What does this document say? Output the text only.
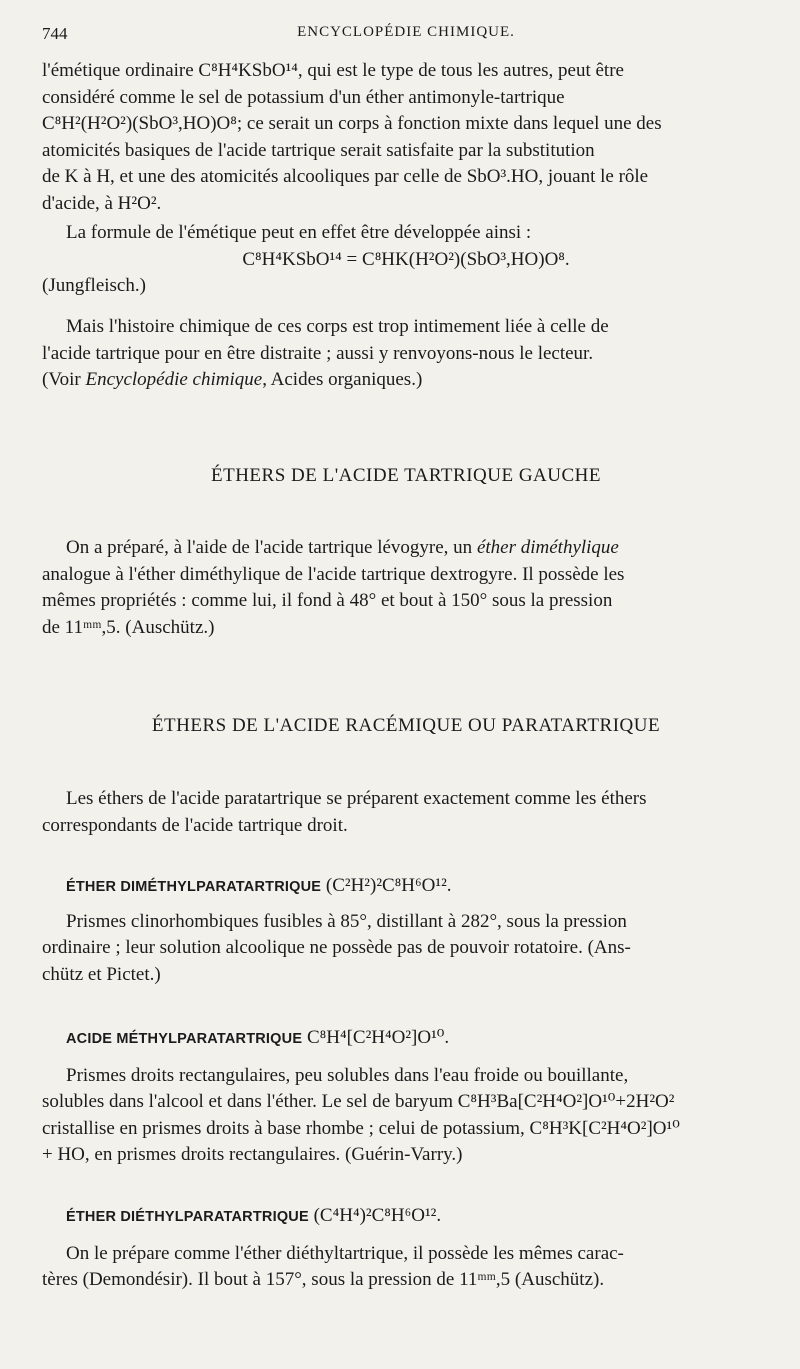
744	ENCYCLOPÉDIE CHIMIQUE.
l'émétique ordinaire C⁸H⁴KSbO¹⁴, qui est le type de tous les autres, peut être
considéré comme le sel de potassium d'un éther antimonyle-tartrique
C⁸H²(H²O²)(SbO³,HO)O⁸; ce serait un corps à fonction mixte dans lequel une des
atomicités basiques de l'acide tartrique serait satisfaite par la substitution
de K à H, et une des atomicités alcooliques par celle de SbO³.HO, jouant le rôle
d'acide, à H²O².
La formule de l'émétique peut en effet être développée ainsi :
C⁸H⁴KSbO¹⁴ = C⁸HK(H²O²)(SbO³,HO)O⁸.
(Jungfleisch.)
Mais l'histoire chimique de ces corps est trop intimement liée à celle de
l'acide tartrique pour en être distraite ; aussi y renvoyons-nous le lecteur.
(Voir Encyclopédie chimique, Acides organiques.)
ÉTHERS DE L'ACIDE TARTRIQUE GAUCHE
On a préparé, à l'aide de l'acide tartrique lévogyre, un éther diméthylique
analogue à l'éther diméthylique de l'acide tartrique dextrogyre. Il possède les
mêmes propriétés : comme lui, il fond à 48° et bout à 150° sous la pression
de 11ᵐᵐ,5. (Auschütz.)
ÉTHERS DE L'ACIDE RACÉMIQUE OU PARATARTRIQUE
Les éthers de l'acide paratartrique se préparent exactement comme les éthers
correspondants de l'acide tartrique droit.
ÉTHER DIMÉTHYLPARATARTRIQUE (C²H²)²C⁸H⁶O¹².
Prismes clinorhombiques fusibles à 85°, distillant à 282°, sous la pression
ordinaire ; leur solution alcoolique ne possède pas de pouvoir rotatoire. (Ans-
chütz et Pictet.)
ACIDE MÉTHYLPARATARTRIQUE C⁸H⁴[C²H⁴O²]O¹⁰.
Prismes droits rectangulaires, peu solubles dans l'eau froide ou bouillante,
solubles dans l'alcool et dans l'éther. Le sel de baryum C⁸H³Ba[C²H⁴O²]O¹⁰+2H²O²
cristallise en prismes droits à base rhombe ; celui de potassium, C⁸H³K[C²H⁴O²]O¹⁰
+ HO, en prismes droits rectangulaires. (Guérin-Varry.)
ÉTHER DIÉTHYLPARATARTRIQUE (C⁴H⁴)²C⁸H⁶O¹².
On le prépare comme l'éther diéthyltartrique, il possède les mêmes carac-
tères (Demondésir). Il bout à 157°, sous la pression de 11ᵐᵐ,5 (Auschütz).
